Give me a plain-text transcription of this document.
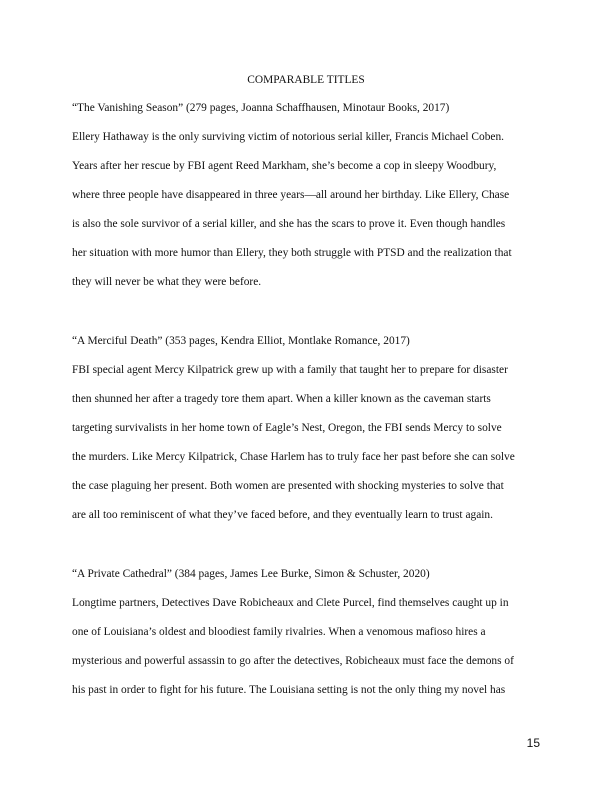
COMPARABLE TITLES
“The Vanishing Season” (279 pages, Joanna Schaffhausen, Minotaur Books, 2017)
Ellery Hathaway is the only surviving victim of notorious serial killer, Francis Michael Coben.
Years after her rescue by FBI agent Reed Markham, she’s become a cop in sleepy Woodbury,
where three people have disappeared in three years—all around her birthday. Like Ellery, Chase
is also the sole survivor of a serial killer, and she has the scars to prove it. Even though handles
her situation with more humor than Ellery, they both struggle with PTSD and the realization that
they will never be what they were before.
“A Merciful Death” (353 pages, Kendra Elliot, Montlake Romance, 2017)
FBI special agent Mercy Kilpatrick grew up with a family that taught her to prepare for disaster
then shunned her after a tragedy tore them apart. When a killer known as the caveman starts
targeting survivalists in her home town of Eagle’s Nest, Oregon, the FBI sends Mercy to solve
the murders. Like Mercy Kilpatrick, Chase Harlem has to truly face her past before she can solve
the case plaguing her present. Both women are presented with shocking mysteries to solve that
are all too reminiscent of what they’ve faced before, and they eventually learn to trust again.
“A Private Cathedral” (384 pages, James Lee Burke, Simon & Schuster, 2020)
Longtime partners, Detectives Dave Robicheaux and Clete Purcel, find themselves caught up in
one of Louisiana’s oldest and bloodiest family rivalries. When a venomous mafioso hires a
mysterious and powerful assassin to go after the detectives, Robicheaux must face the demons of
his past in order to fight for his future. The Louisiana setting is not the only thing my novel has
15
